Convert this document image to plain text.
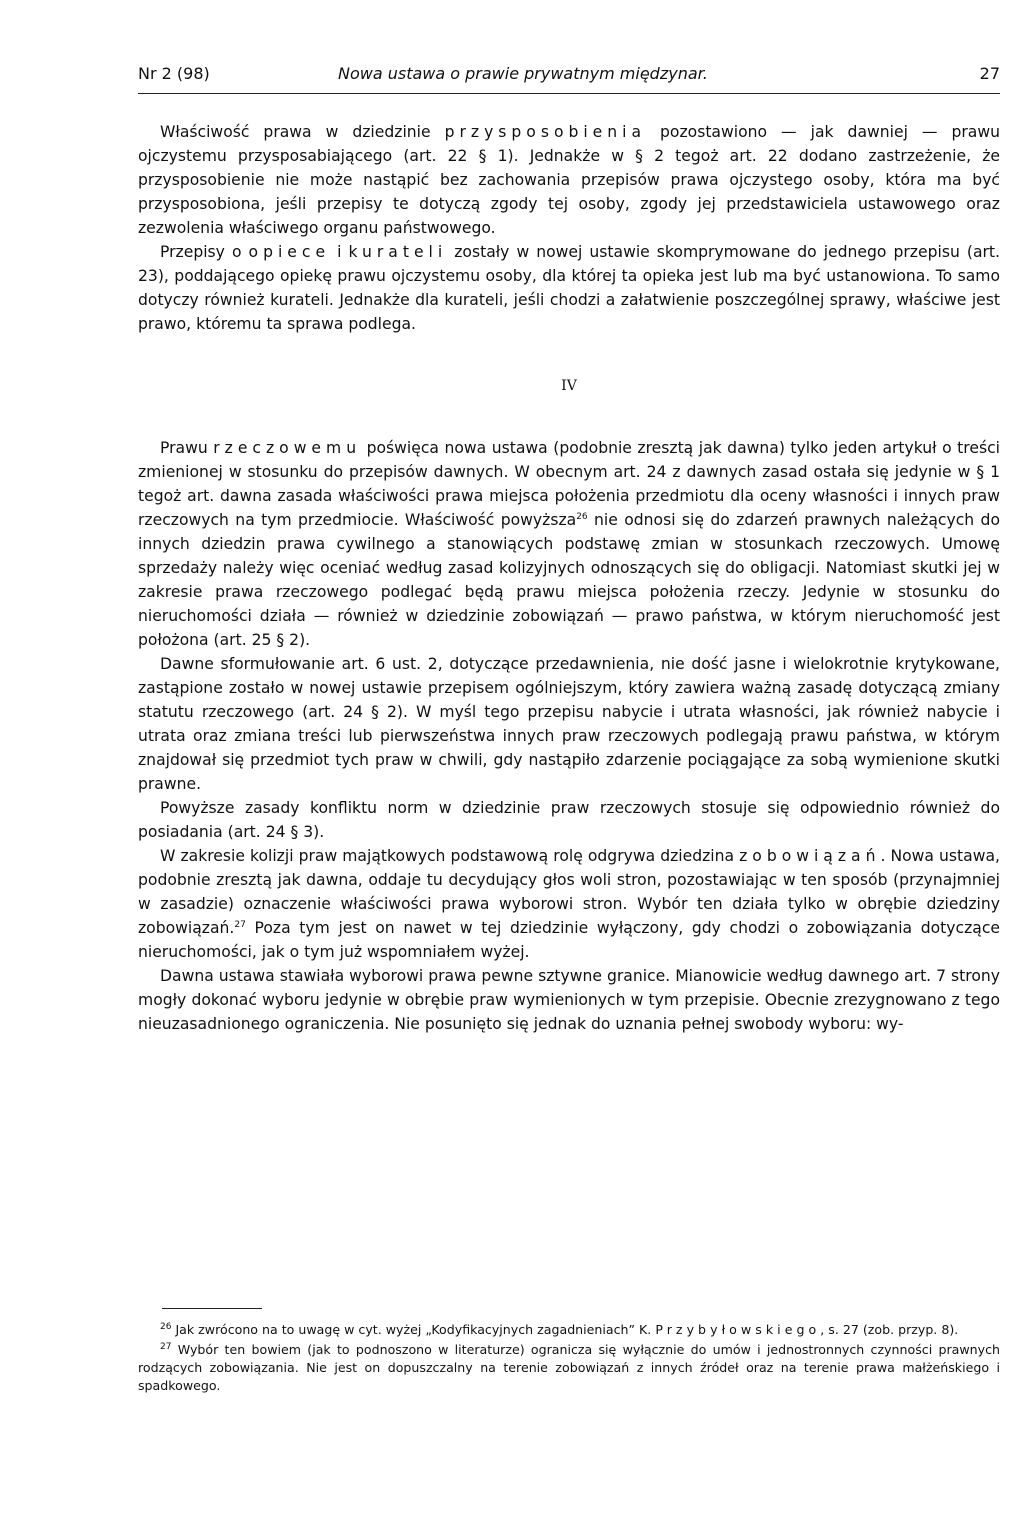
Nr 2 (98)	Nowa ustawa o prawie prywatnym międzynar.	27

Właściwość prawa w dziedzinie przysposobienia pozostawiono — jak dawniej — prawu ojczystemu przysposabiającego (art. 22 § 1). Jednakże w § 2 tegoż art. 22 dodano zastrzeżenie, że przysposobienie nie może nastąpić bez zachowania przepisów prawa ojczystego osoby, która ma być przysposobiona, jeśli przepisy te dotyczą zgody tej osoby, zgody jej przedstawiciela ustawowego oraz zezwolenia właściwego organu państwowego.

Przepisy o opiece i kurateli zostały w nowej ustawie skomprymowane do jednego przepisu (art. 23), poddającego opiekę prawu ojczystemu osoby, dla której ta opieka jest lub ma być ustanowiona. To samo dotyczy również kurateli. Jednakże dla kurateli, jeśli chodzi a załatwienie poszczególnej sprawy, właściwe jest prawo, któremu ta sprawa podlega.

IV

Prawu rzeczowemu poświęca nowa ustawa (podobnie zresztą jak dawna) tylko jeden artykuł o treści zmienionej w stosunku do przepisów dawnych. W obecnym art. 24 z dawnych zasad ostała się jedynie w § 1 tegoż art. dawna zasada właściwości prawa miejsca położenia przedmiotu dla oceny własności i innych praw rzeczowych na tym przedmiocie. Właściwość powyższa$^{26}$ nie odnosi się do zdarzeń prawnych należących do innych dziedzin prawa cywilnego a stanowiących podstawę zmian w stosunkach rzeczowych. Umowę sprzedaży należy więc oceniać według zasad kolizyjnych odnoszących się do obligacji. Natomiast skutki jej w zakresie prawa rzeczowego podlegać będą prawu miejsca położenia rzeczy. Jedynie w stosunku do nieruchomości działa — również w dziedzinie zobowiązań — prawo państwa, w którym nieruchomość jest położona (art. 25 § 2).

Dawne sformułowanie art. 6 ust. 2, dotyczące przedawnienia, nie dość jasne i wielokrotnie krytykowane, zastąpione zostało w nowej ustawie przepisem ogólniejszym, który zawiera ważną zasadę dotyczącą zmiany statutu rzeczowego (art. 24 § 2). W myśl tego przepisu nabycie i utrata własności, jak również nabycie i utrata oraz zmiana treści lub pierwszeństwa innych praw rzeczowych podlegają prawu państwa, w którym znajdował się przedmiot tych praw w chwili, gdy nastąpiło zdarzenie pociągające za sobą wymienione skutki prawne.

Powyższe zasady konfliktu norm w dziedzinie praw rzeczowych stosuje się odpowiednio również do posiadania (art. 24 § 3).

W zakresie kolizji praw majątkowych podstawową rolę odgrywa dziedzina zobowiązań. Nowa ustawa, podobnie zresztą jak dawna, oddaje tu decydujący głos woli stron, pozostawiając w ten sposób (przynajmniej w zasadzie) oznaczenie właściwości prawa wyborowi stron. Wybór ten działa tylko w obrębie dziedziny zobowiązań.$^{27}$ Poza tym jest on nawet w tej dziedzinie wyłączony, gdy chodzi o zobowiązania dotyczące nieruchomości, jak o tym już wspomniałem wyżej.

Dawna ustawa stawiała wyborowi prawa pewne sztywne granice. Mianowicie według dawnego art. 7 strony mogły dokonać wyboru jedynie w obrębie praw wymienionych w tym przepisie. Obecnie zrezygnowano z tego nieuzasadnionego ograniczenia. Nie posunięto się jednak do uznania pełnej swobody wyboru: wy-

$^{26}$ Jak zwrócono na to uwagę w cyt. wyżej „Kodyfikacyjnych zagadnieniach” K. Przybyłowskiego, s. 27 (zob. przyp. 8).

$^{27}$ Wybór ten bowiem (jak to podnoszono w literaturze) ogranicza się wyłącznie do umów i jednostronnych czynności prawnych rodzących zobowiązania. Nie jest on dopuszczalny na terenie zobowiązań z innych źródeł oraz na terenie prawa małżeńskiego i spadkowego.
